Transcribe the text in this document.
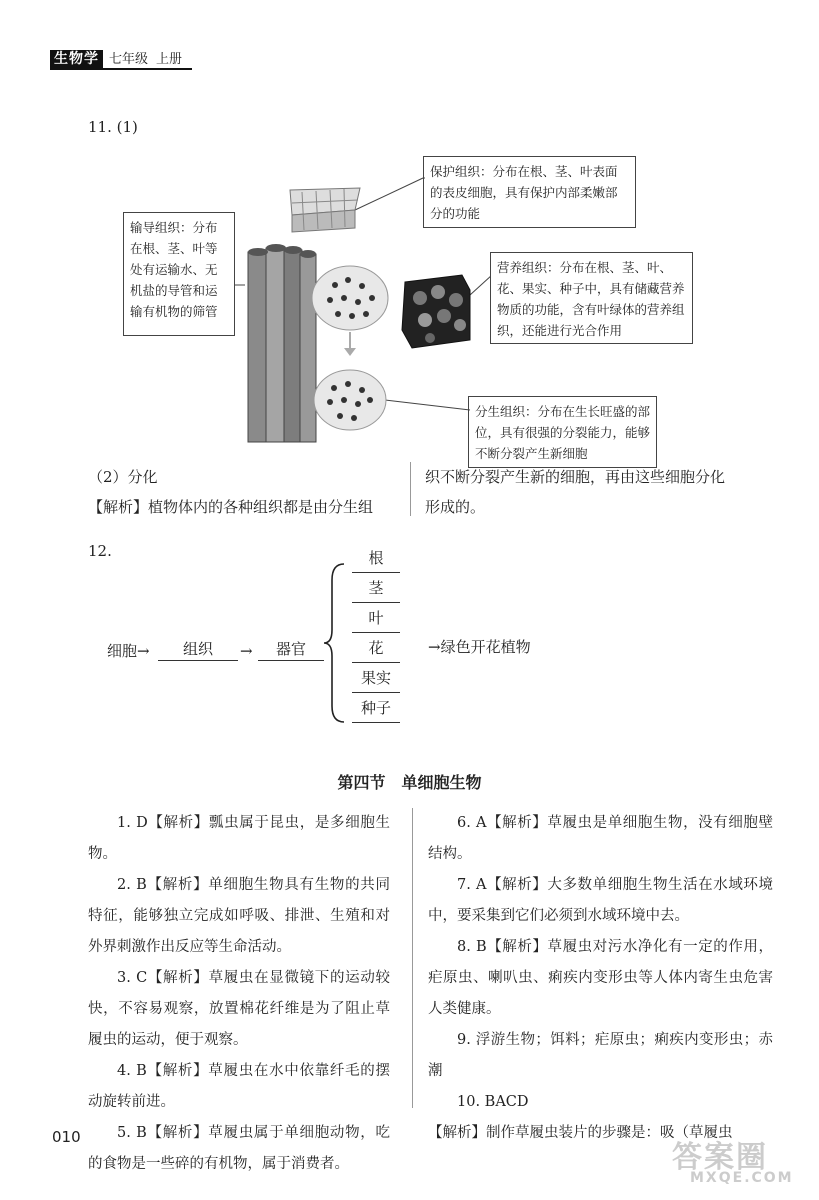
生物学 七年级 上册
11. (1)
保护组织：分布在根、茎、叶表面的表皮细胞，具有保护内部柔嫩部分的功能
输导组织：分布在根、茎、叶等处有运输水、无机盐的导管和运输有机物的筛管
营养组织：分布在根、茎、叶、花、果实、种子中，具有储藏营养物质的功能，含有叶绿体的营养组织，还能进行光合作用
分生组织：分布在生长旺盛的部位，具有很强的分裂能力，能够不断分裂产生新细胞
（2）分化
【解析】植物体内的各种组织都是由分生组
织不断分裂产生新的细胞，再由这些细胞分化
形成的。
12.
细胞→	组织	→	器官
根
茎
叶
花
果实
种子
→绿色开花植物
第四节　单细胞生物
1. D【解析】瓢虫属于昆虫，是多细胞生物。
2. B【解析】单细胞生物具有生物的共同特征，能够独立完成如呼吸、排泄、生殖和对外界刺激作出反应等生命活动。
3. C【解析】草履虫在显微镜下的运动较快，不容易观察，放置棉花纤维是为了阻止草履虫的运动，便于观察。
4. B【解析】草履虫在水中依靠纤毛的摆动旋转前进。
5. B【解析】草履虫属于单细胞动物，吃的食物是一些碎的有机物，属于消费者。
6. A【解析】草履虫是单细胞生物，没有细胞壁结构。
7. A【解析】大多数单细胞生物生活在水域环境中，要采集到它们必须到水域环境中去。
8. B【解析】草履虫对污水净化有一定的作用，疟原虫、喇叭虫、痢疾内变形虫等人体内寄生虫危害人类健康。
9. 浮游生物；饵料；疟原虫；痢疾内变形虫；赤潮
10. BACD
【解析】制作草履虫装片的步骤是：吸（草履虫
010
答案圈
MXQE.COM
